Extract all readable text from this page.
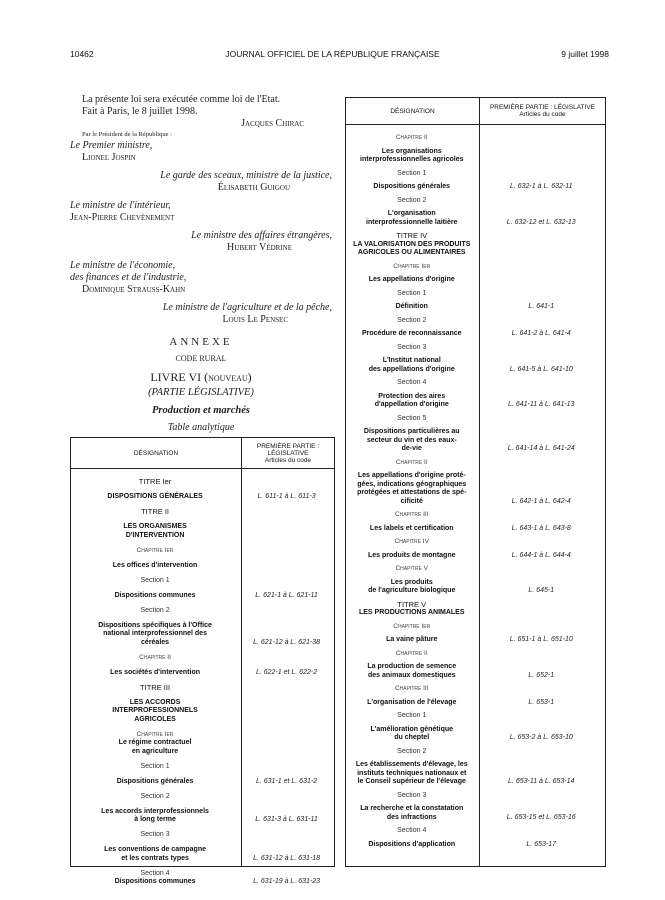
10462	JOURNAL OFFICIEL DE LA RÉPUBLIQUE FRANÇAISE	9 juillet 1998
La présente loi sera exécutée comme loi de l'Etat.
Fait à Paris, le 8 juillet 1998.
Jacques Chirac
Par le Président de la République :
Le Premier ministre,
Lionel Jospin
Le garde des sceaux, ministre de la justice,
Élisabeth Guigou
Le ministre de l'intérieur,
Jean-Pierre Chevènement
Le ministre des affaires étrangères,
Hubert Védrine
Le ministre de l'économie,
des finances et de l'industrie,
Dominique Strauss-Kahn
Le ministre de l'agriculture et de la pêche,
Louis Le Pensec
ANNEXE
CODE RURAL
LIVRE VI (nouveau)
(PARTIE LÉGISLATIVE)
Production et marchés
Table analytique
DÉSIGNATION
PREMIÈRE PARTIE : LÉGISLATIVE
Articles du code
TITRE Ier
DISPOSITIONS GÉNÉRALES	L. 611-1 à L. 611-3
TITRE II
LES ORGANISMES
D'INTERVENTION
Chapitre Ier
Les offices d'intervention
Section 1
Dispositions communes	L. 621-1 à L. 621-11
Section 2
Dispositions spécifiques à l'Office
national interprofessionnel des
céréales	L. 621-12 à L. 621-38
Chapitre II
Les sociétés d'intervention	L. 622-1 et L. 622-2
TITRE III
LES ACCORDS
INTERPROFESSIONNELS
AGRICOLES
Chapitre Ier
Le régime contractuel
en agriculture
Section 1
Dispositions générales	L. 631-1 et L. 631-2
Section 2
Les accords interprofessionnels
à long terme	L. 631-3 à L. 631-11
Section 3
Les conventions de campagne
et les contrats types	L. 631-12 à L. 631-18
Section 4
Dispositions communes	L. 631-19 à L. 631-23
DÉSIGNATION	PREMIÈRE PARTIE : LÉGISLATIVE
Articles du code
Chapitre II
Les organisations
interprofessionnelles agricoles
Section 1
Dispositions générales	L. 632-1 à L. 632-11
Section 2
L'organisation
interprofessionnelle laitière	L. 632-12 et L. 632-13
TITRE IV
LA VALORISATION DES PRODUITS
AGRICOLES OU ALIMENTAIRES
Chapitre Ier
Les appellations d'origine
Section 1
Définition	L. 641-1
Section 2
Procédure de reconnaissance	L. 641-2 à L. 641-4
Section 3
L'Institut national
des appellations d'origine	L. 641-5 à L. 641-10
Section 4
Protection des aires
d'appellation d'origine	L. 641-11 à L. 641-13
Section 5
Dispositions particulières au
secteur du vin et des eaux-
de-vie	L. 641-14 à L. 641-24
Chapitre II
Les appellations d'origine proté-
gées, indications géographiques
protégées et attestations de spé-
cificité	L. 642-1 à L. 642-4
Chapitre III
Les labels et certification	L. 643-1 à L. 643-8
Chapitre IV
Les produits de montagne	L. 644-1 à L. 644-4
Chapitre V
Les produits
de l'agriculture biologique	L. 645-1
TITRE V
LES PRODUCTIONS ANIMALES
Chapitre Ier
La vaine pâture	L. 651-1 à L. 651-10
Chapitre II
La production de semence
des animaux domestiques	L. 652-1
Chapitre III
L'organisation de l'élevage	L. 653-1
Section 1
L'amélioration génétique
du cheptel	L. 653-2 à L. 653-10
Section 2
Les établissements d'élevage, les
instituts techniques nationaux et
le Conseil supérieur de l'élevage	L. 653-11 à L. 653-14
Section 3
La recherche et la constatation
des infractions	L. 653-15 et L. 653-16
Section 4
Dispositions d'application	L. 653-17
